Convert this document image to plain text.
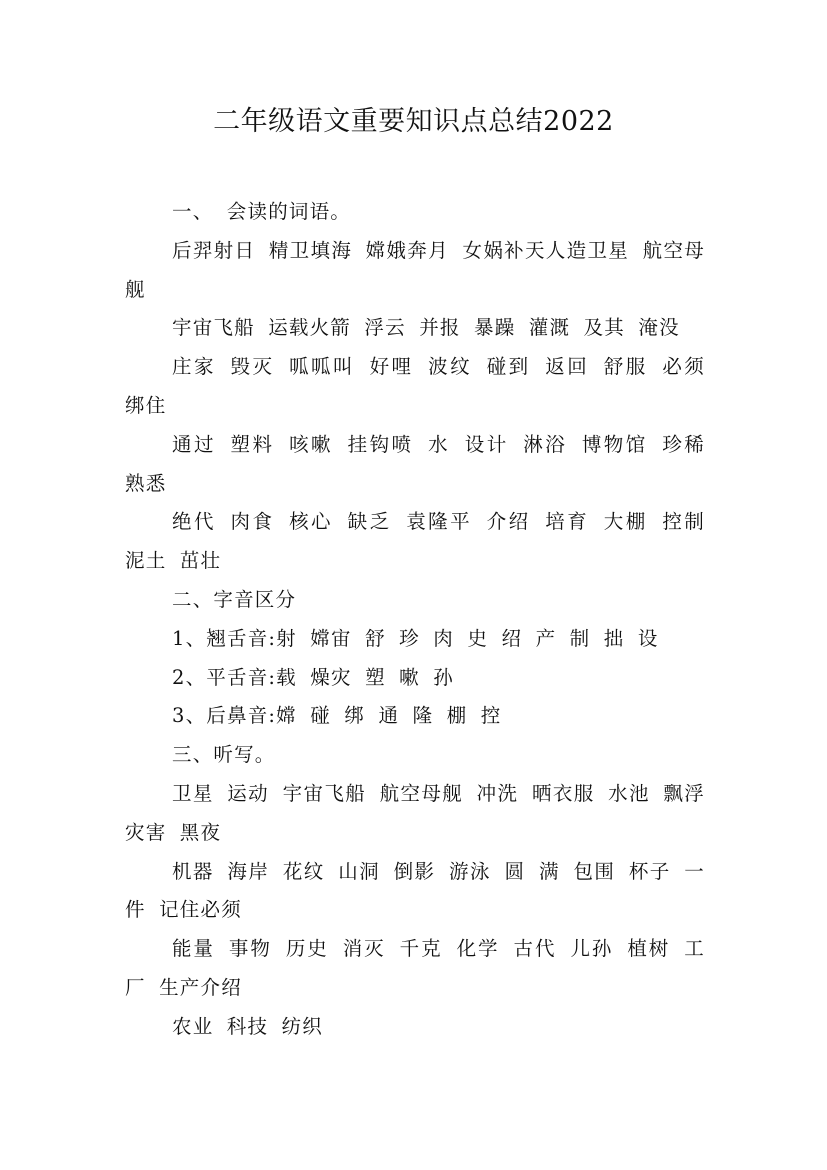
二年级语文重要知识点总结2022

一、 会读的词语。

后羿射日 精卫填海 嫦娥奔月 女娲补天人造卫星 航空母舰

宇宙飞船 运载火箭 浮云 并报 暴躁 灌溉 及其 淹没

庄家 毁灭 呱呱叫 好哩 波纹 碰到 返回 舒服 必须 绑住

通过 塑料 咳嗽 挂钩喷 水 设计 淋浴 博物馆 珍稀 熟悉

绝代 肉食 核心 缺乏 袁隆平 介绍 培育 大棚 控制 泥土 茁壮

二、字音区分

1、翘舌音:射 嫦宙 舒 珍 肉 史 绍 产 制 拙 设

2、平舌音:载 燥灾 塑 嗽 孙

3、后鼻音:嫦 碰 绑 通 隆 棚 控

三、听写。

卫星 运动 宇宙飞船 航空母舰 冲洗 晒衣服 水池 飘浮 灾害 黑夜

机器 海岸 花纹 山洞 倒影 游泳 圆 满 包围 杯子 一件 记住必须

能量 事物 历史 消灭 千克 化学 古代 儿孙 植树 工厂 生产介绍

农业 科技 纺织
